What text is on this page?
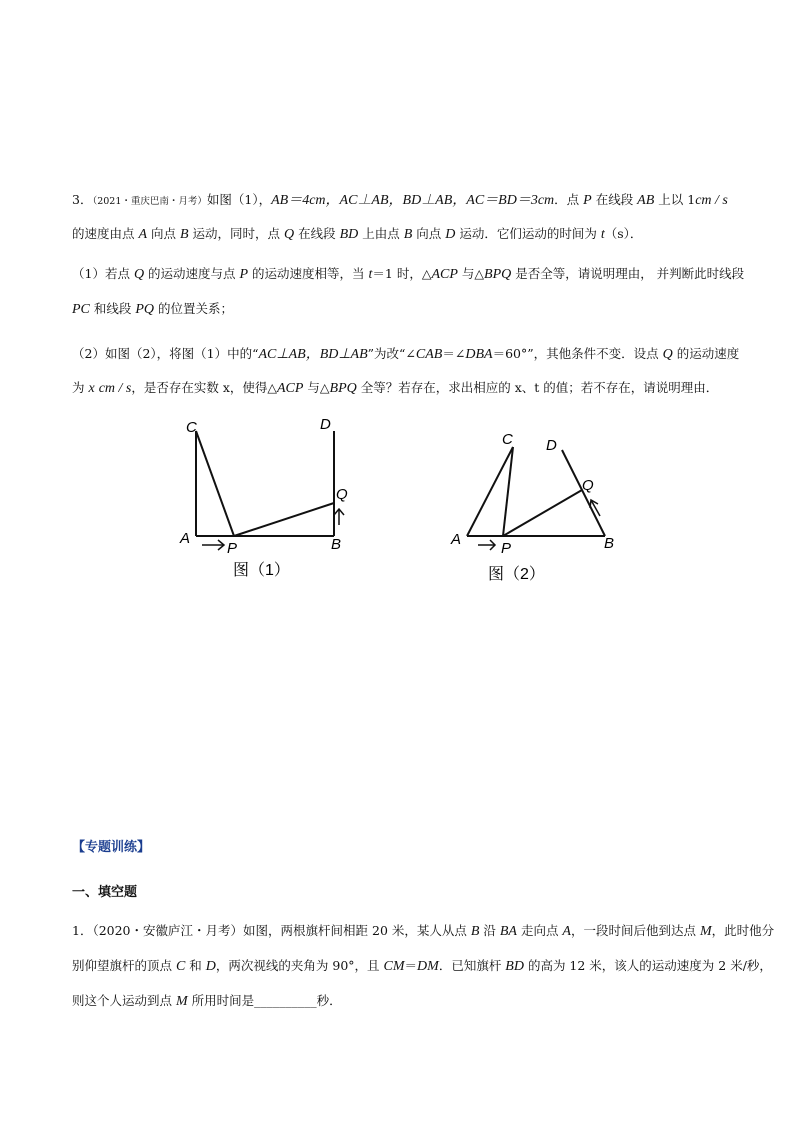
3．（2021・重庆巴南・月考）如图（1），AB＝4cm，AC⊥AB，BD⊥AB，AC＝BD＝3cm．点 P 在线段 AB 上以 1cm / s
的速度由点 A 向点 B 运动，同时，点 Q 在线段 BD 上由点 B 向点 D 运动．它们运动的时间为 t（s）．
（1）若点 Q 的运动速度与点 P 的运动速度相等，当 t＝1 时，△ACP 与△BPQ 是否全等，请说明理由， 并判断此时线段
PC 和线段 PQ 的位置关系；
（2）如图（2），将图（1）中的“AC⊥AB，BD⊥AB”为改“∠CAB＝∠DBA＝60°”，其他条件不变．设点 Q 的运动速度
为 x cm / s，是否存在实数 x，使得△ACP 与△BPQ 全等？若存在，求出相应的 x、t 的值；若不存在，请说明理由．
C	D
Q
A
P	B
图（1）
C D
Q
A
P	B
图（2）
【专题训练】
一、填空题
1．（2020・安徽庐江・月考）如图，两根旗杆间相距 20 米，某人从点 B 沿 BA 走向点 A，一段时间后他到达点 M，此时他分
别仰望旗杆的顶点 C 和 D，两次视线的夹角为 90°，且 CM＝DM．已知旗杆 BD 的高为 12 米，该人的运动速度为 2 米/秒，
则这个人运动到点 M 所用时间是__________秒．
